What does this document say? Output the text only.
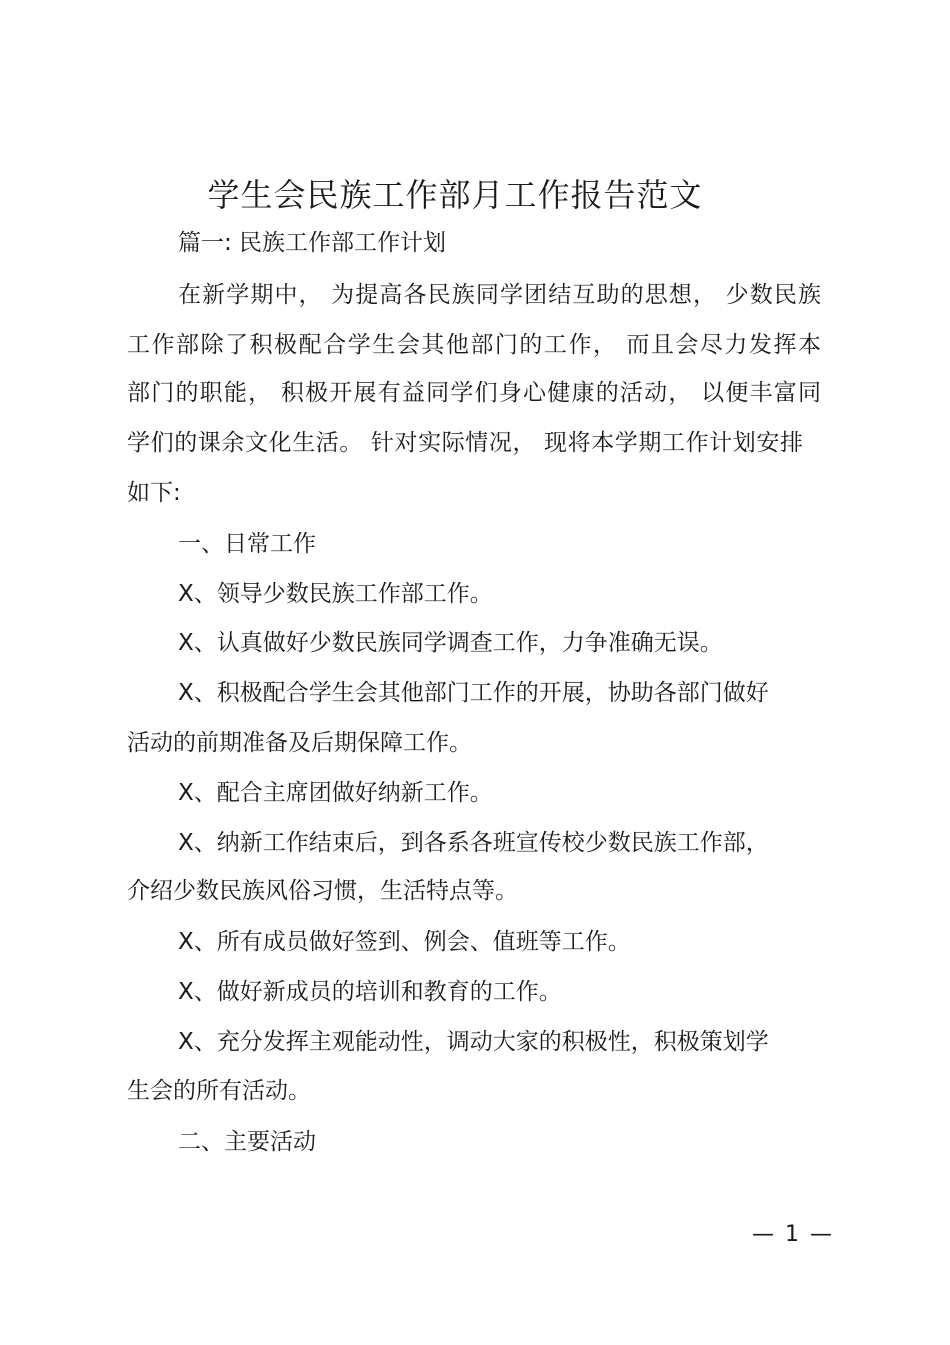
学生会民族工作部月工作报告范文
篇一: 民族工作部工作计划
在新学期中， 为提高各民族同学团结互助的思想， 少数民族
工作部除了积极配合学生会其他部门的工作， 而且会尽力发挥本
部门的职能， 积极开展有益同学们身心健康的活动， 以便丰富同
学们的课余文化生活。 针对实际情况， 现将本学期工作计划安排
如下:
一、日常工作
X、领导少数民族工作部工作。
X、认真做好少数民族同学调查工作，力争准确无误。
X、积极配合学生会其他部门工作的开展，协助各部门做好
活动的前期准备及后期保障工作。
X、配合主席团做好纳新工作。
X、纳新工作结束后，到各系各班宣传校少数民族工作部，
介绍少数民族风俗习惯，生活特点等。
X、所有成员做好签到、例会、值班等工作。
X、做好新成员的培训和教育的工作。
X、充分发挥主观能动性，调动大家的积极性，积极策划学
生会的所有活动。
二、主要活动
— 1 —
